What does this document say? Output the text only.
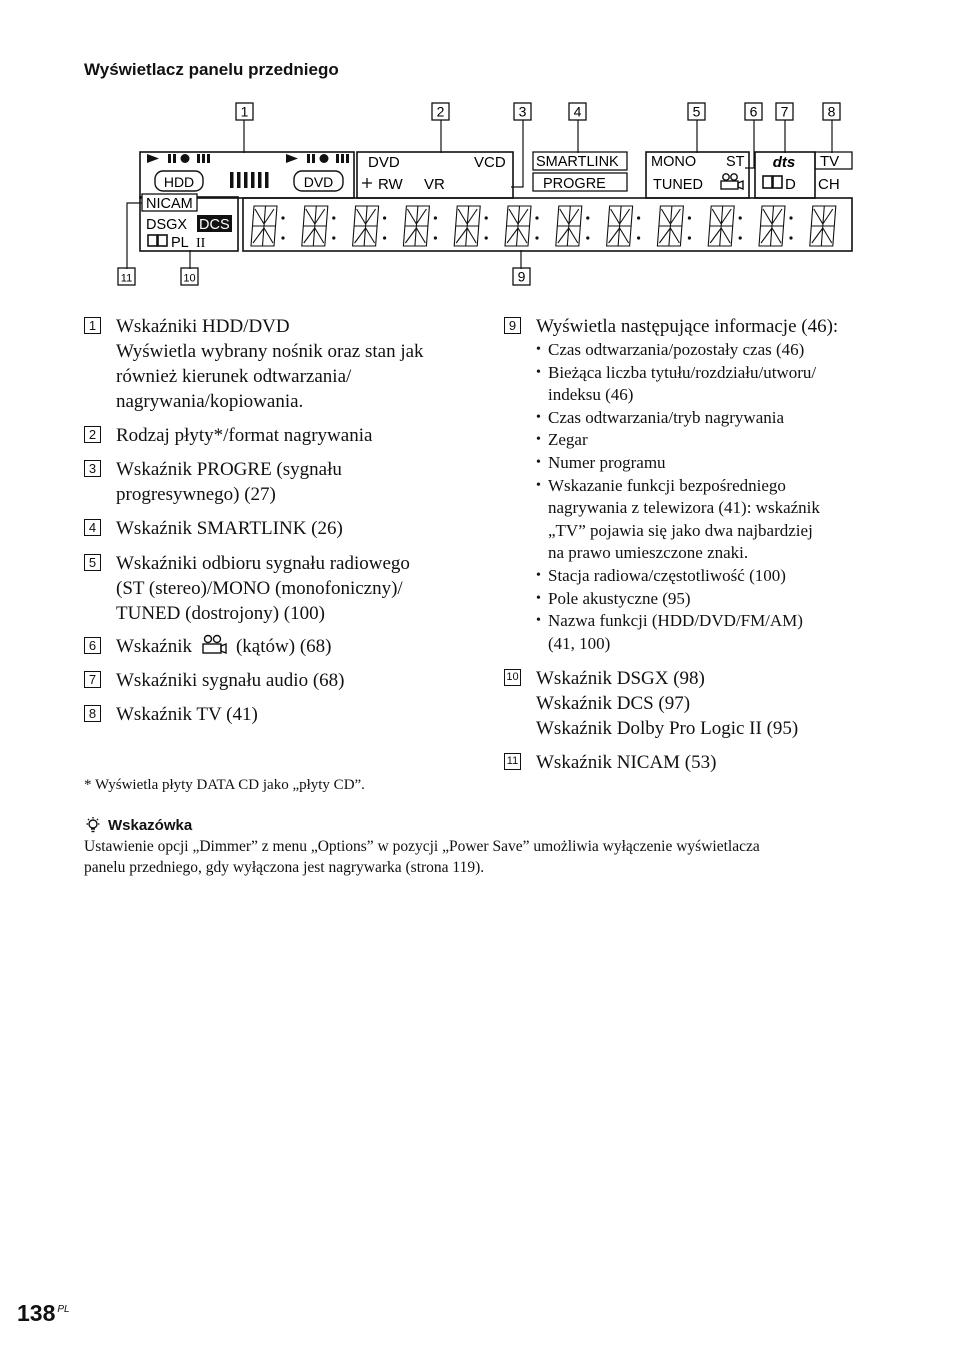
Wyświetlacz panelu przedniego
1	2	3	4	5	6 7	8
9
10
11
HDD	DVD
DVD	VCD
RW VR
SMARTLINK
PROGRE
MONO ST
TUNED
dts
D
TV
CH
NICAM
DSGX DCS
PL II
1 Wskaźniki HDD/DVD
Wyświetla wybrany nośnik oraz stan jak
również kierunek odtwarzania/
nagrywania/kopiowania.
2 Rodzaj płyty*/format nagrywania
3 Wskaźnik PROGRE (sygnału
progresywnego) (27)
4 Wskaźnik SMARTLINK (26)
5 Wskaźniki odbioru sygnału radiowego
(ST (stereo)/MONO (monofoniczny)/
TUNED (dostrojony) (100)
6 Wskaźnik (kątów) (68)
7 Wskaźniki sygnału audio (68)
8 Wskaźnik TV (41)
9 Wyświetla następujące informacje (46):
10 Wskaźnik DSGX (98)
Wskaźnik DCS (97)
Wskaźnik Dolby Pro Logic II (95)
11 Wskaźnik NICAM (53)
• Czas odtwarzania/pozostały czas (46)
• Bieżąca liczba tytułu/rozdziału/utworu/
indeksu (46)
• Czas odtwarzania/tryb nagrywania
• Zegar
• Numer programu
• Wskazanie funkcji bezpośredniego
nagrywania z telewizora (41): wskaźnik
„TV” pojawia się jako dwa najbardziej
na prawo umieszczone znaki.
• Stacja radiowa/częstotliwość (100)
• Pole akustyczne (95)
• Nazwa funkcji (HDD/DVD/FM/AM)
(41, 100)
* Wyświetla płyty DATA CD jako „płyty CD”.
Wskazówka
Ustawienie opcji „Dimmer” z menu „Options” w pozycji „Power Save” umożliwia wyłączenie wyświetlacza
panelu przedniego, gdy wyłączona jest nagrywarka (strona 119).
138 $^{PL}$
